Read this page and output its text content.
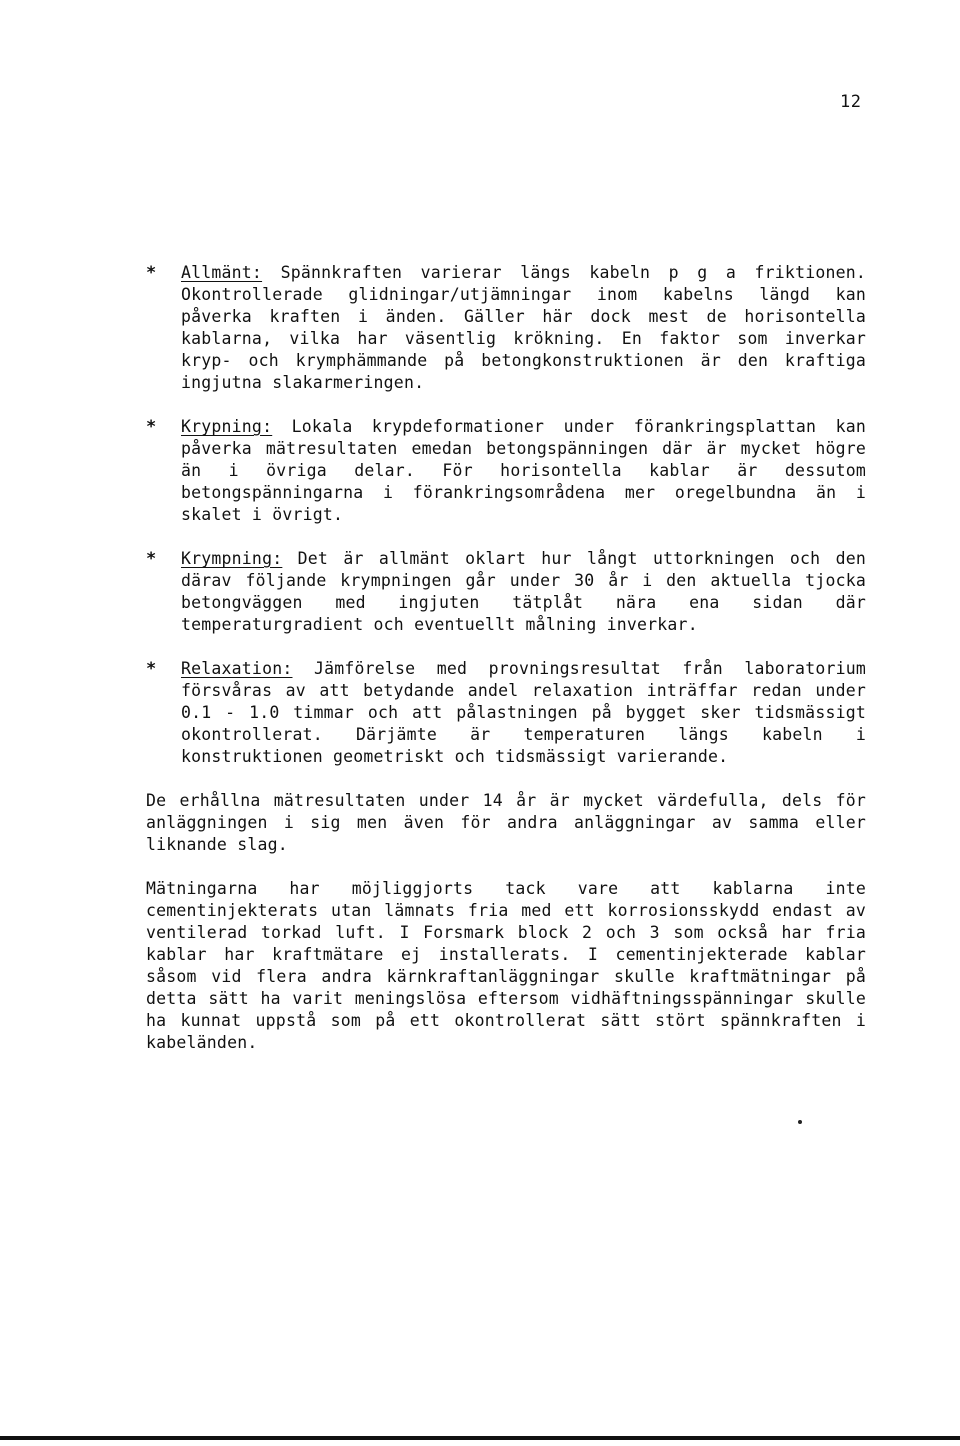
12
* Allmänt: Spännkraften varierar längs kabeln p g a friktionen. Okontrollerade glidningar/utjämningar inom kabelns längd kan påverka kraften i änden. Gäller här dock mest de horisontella kablarna, vilka har väsentlig krökning. En faktor som inverkar kryp- och krymphämmande på betongkonstruktionen är den kraftiga ingjutna slakarmeringen.
* Krypning: Lokala krypdeformationer under förankringsplattan kan påverka mätresultaten emedan betongspänningen där är mycket högre än i övriga delar. För horisontella kablar är dessutom betongspänningarna i förankringsområdena mer oregelbundna än i skalet i övrigt.
* Krympning: Det är allmänt oklart hur långt uttorkningen och den därav följande krympningen går under 30 år i den aktuella tjocka betongväggen med ingjuten tätplåt nära ena sidan där temperaturgradient och eventuellt målning inverkar.
* Relaxation: Jämförelse med provningsresultat från laboratorium försvåras av att betydande andel relaxation inträffar redan under 0.1 - 1.0 timmar och att pålastningen på bygget sker tidsmässigt okontrollerat. Därjämte är temperaturen längs kabeln i konstruktionen geometriskt och tidsmässigt varierande.

De erhållna mätresultaten under 14 år är mycket värdefulla, dels för anläggningen i sig men även för andra anläggningar av samma eller liknande slag.

Mätningarna har möjliggjorts tack vare att kablarna inte cementinjekterats utan lämnats fria med ett korrosionsskydd endast av ventilerad torkad luft. I Forsmark block 2 och 3 som också har fria kablar har kraftmätare ej installerats. I cementinjekterade kablar såsom vid flera andra kärnkraftanläggningar skulle kraftmätningar på detta sätt ha varit meningslösa eftersom vidhäftningsspänningar skulle ha kunnat uppstå som på ett okontrollerat sätt stört spännkraften i kabeländen.
